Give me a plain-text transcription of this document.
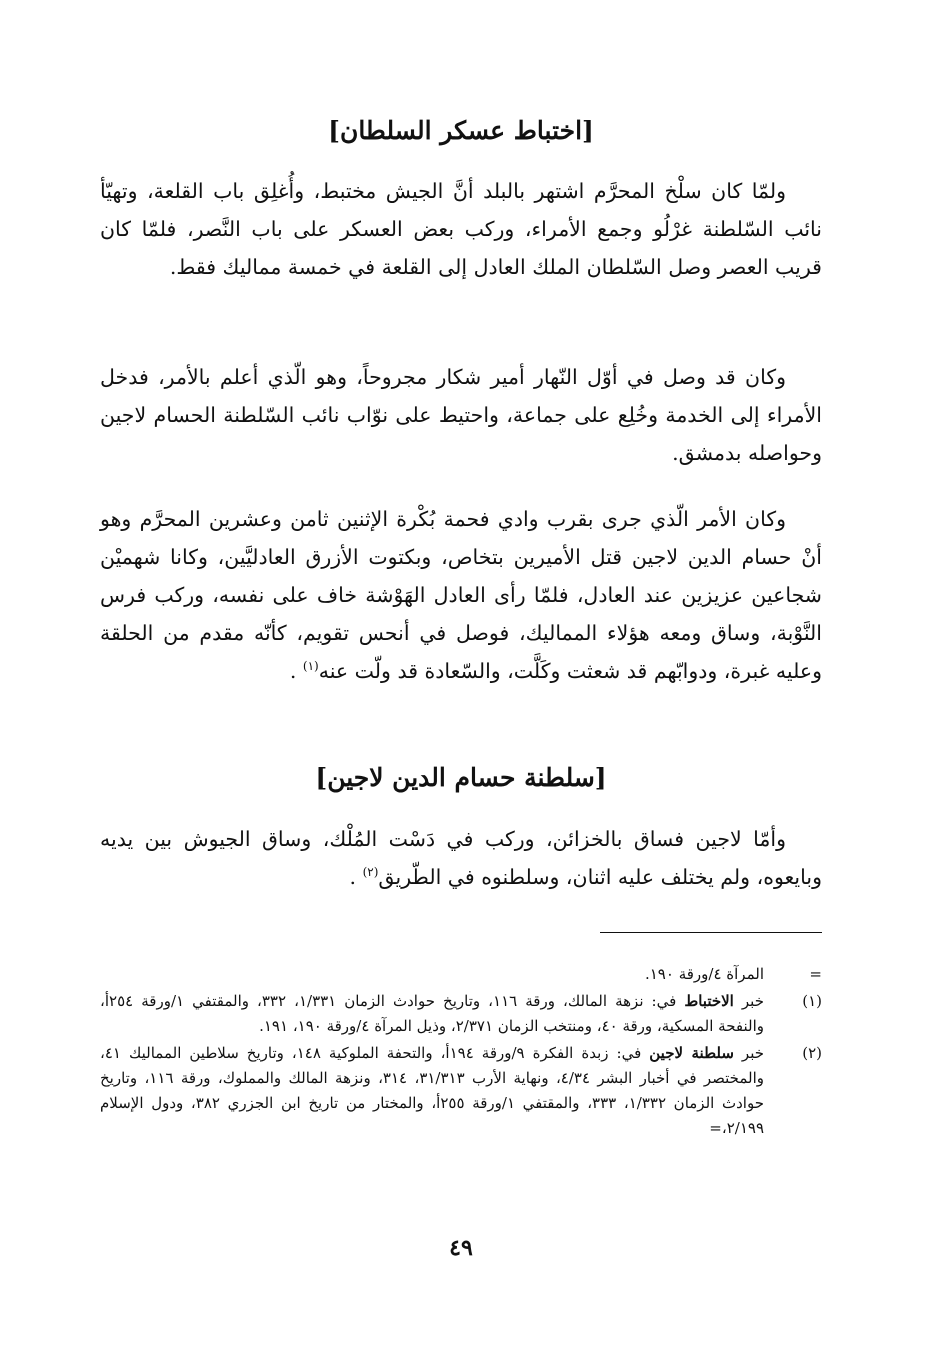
[اختباط عسكر السلطان]

ولمّا كان سلْخ المحرَّم اشتهر بالبلد أنَّ الجيش مختبط، وأُغلِق باب القلعة، وتهيّأ نائب السّلطنة غرْلُو وجمع الأمراء، وركب بعض العسكر على باب النَّصر، فلمّا كان قريب العصر وصل السّلطان الملك العادل إلى القلعة في خمسة مماليك فقط.

وكان قد وصل في أوّل النّهار أمير شكار مجروحاً، وهو الّذي أعلم بالأمر، فدخل الأمراء إلى الخدمة وخُلِع على جماعة، واحتيط على نوّاب نائب السّلطنة الحسام لاجين وحواصله بدمشق.

وكان الأمر الّذي جرى بقرب وادي فحمة بُكْرة الإثنين ثامن وعشرين المحرَّم وهو أنْ حسام الدين لاجين قتل الأميرين بتخاص، وبكتوت الأزرق العادليَّين، وكانا شهميْن شجاعين عزيزين عند العادل، فلمّا رأى العادل الهَوْشة خاف على نفسه، وركب فرس النَّوْبة، وساق ومعه هؤلاء المماليك، فوصل في أنحس تقويم، كأنّه مقدم من الحلقة وعليه غبرة، ودوابّهم قد شعثت وكَلَّت، والسّعادة قد ولّت عنه$^{(١)}$ .

[سلطنة حسام الدين لاجين]

وأمّا لاجين فساق بالخزائن، وركب في دَسْت المُلْك، وساق الجيوش بين يديه وبايعوه، ولم يختلف عليه اثنان، وسلطنوه في الطّريق$^{(٢)}$ .

=
المرآة ٤/ورقة ١٩٠.
(١)
خبر الاختباط في: نزهة المالك، ورقة ١١٦، وتاريخ حوادث الزمان ١/٣٣١، ٣٣٢، والمقتفي ١/ورقة ٢٥٤أ، والنفحة المسكية، ورقة ٤٠، ومنتخب الزمان ٢/٣٧١، وذيل المرآة ٤/ورقة ١٩٠، ١٩١.
(٢)
خبر سلطنة لاجين في: زبدة الفكرة ٩/ورقة ١٩٤أ، والتحفة الملوكية ١٤٨، وتاريخ سلاطين المماليك ٤١، والمختصر في أخبار البشر ٤/٣٤، ونهاية الأرب ٣١/٣١٣، ٣١٤، ونزهة المالك والمملوك، ورقة ١١٦، وتاريخ حوادث الزمان ١/٣٣٢، ٣٣٣، والمقتفي ١/ورقة ٢٥٥أ، والمختار من تاريخ ابن الجزري ٣٨٢، ودول الإسلام ٢/١٩٩،=
٤٩
